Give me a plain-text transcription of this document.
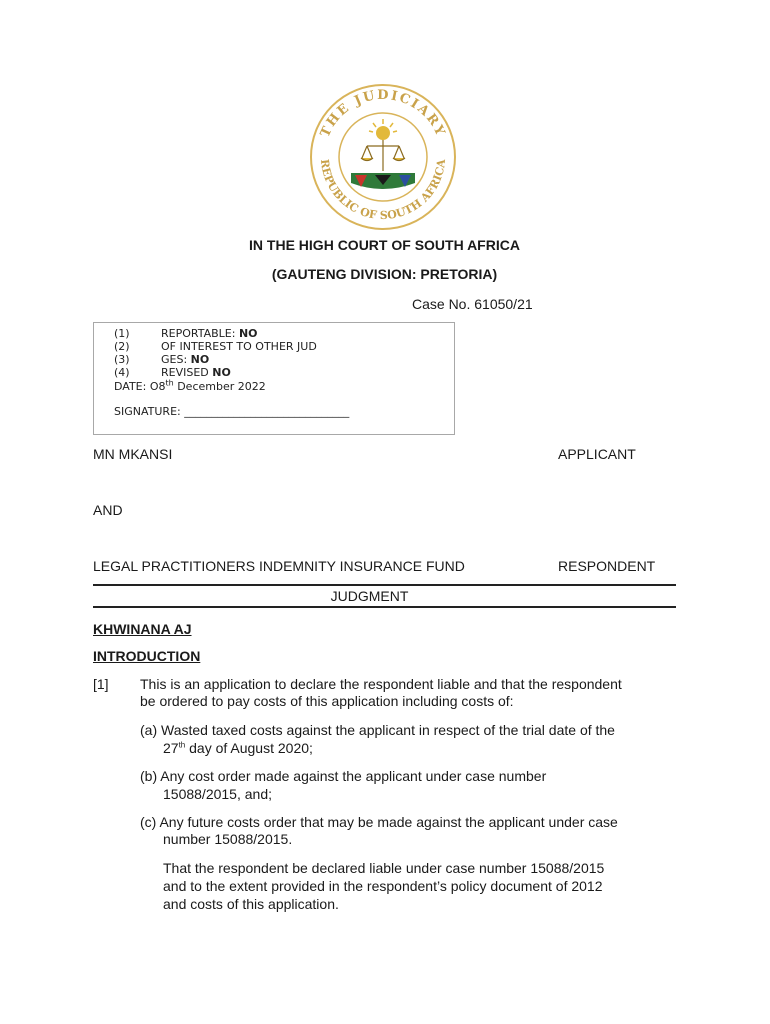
THE JUDICIARY
REPUBLIC OF SOUTH AFRICA
IN THE HIGH COURT OF SOUTH AFRICA
(GAUTENG DIVISION: PRETORIA)
Case No. 61050/21
(1)	REPORTABLE: NO
(2)	OF INTEREST TO OTHER JUD
(3)	GES: NO
(4)	REVISED NO
DATE: O8th December 2022
SIGNATURE: ______________________________
MN MKANSI	APPLICANT
AND
LEGAL PRACTITIONERS INDEMNITY INSURANCE FUND	RESPONDENT
JUDGMENT
KHWINANA AJ
INTRODUCTION
[1] This is an application to declare the respondent liable and that the respondent
be ordered to pay costs of this application including costs of:
(a) Wasted taxed costs against the applicant in respect of the trial date of the
27th day of August 2020;
(b) Any cost order made against the applicant under case number
15088/2015, and;
(c) Any future costs order that may be made against the applicant under case
number 15088/2015.
That the respondent be declared liable under case number 15088/2015
and to the extent provided in the respondent’s policy document of 2012
and costs of this application.
